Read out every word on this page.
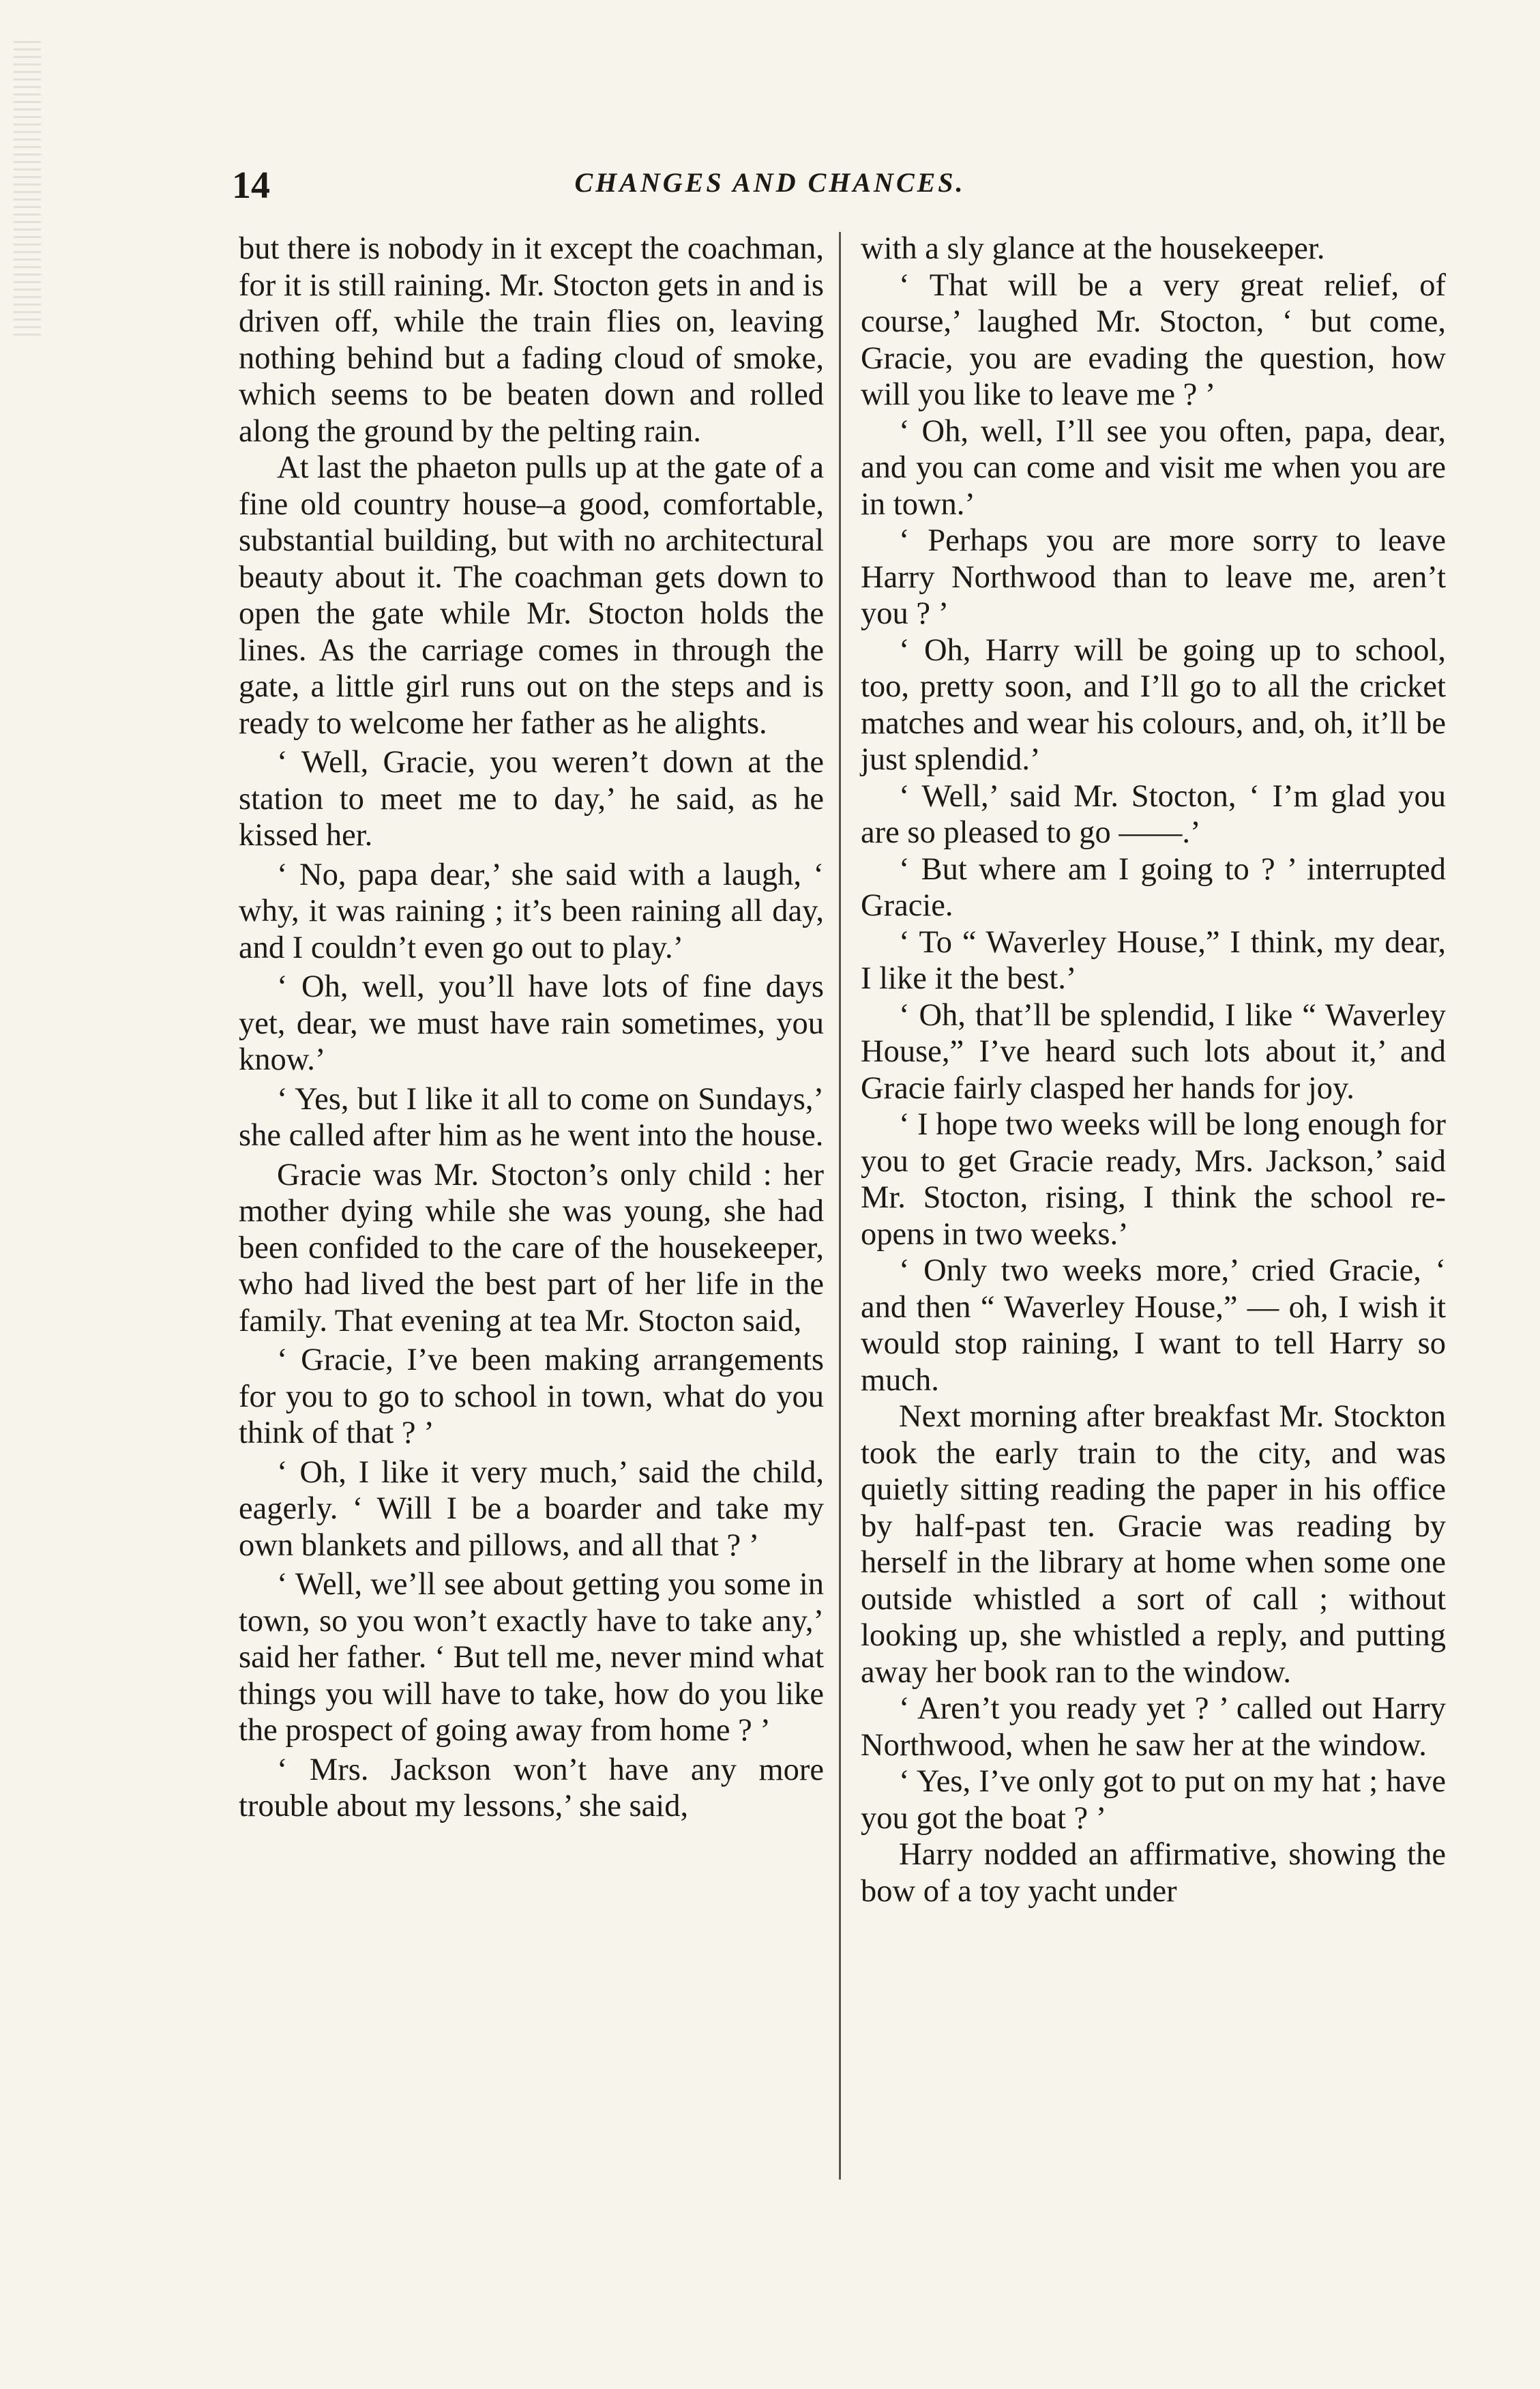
14	CHANGES AND CHANCES.

but there is nobody in it except the coachman, for it is still raining. Mr. Stocton gets in and is driven off, while the train flies on, leaving nothing behind but a fading cloud of smoke, which seems to be beaten down and rolled along the ground by the pelting rain.

At last the phaeton pulls up at the gate of a fine old country house–a good, comfortable, substantial building, but with no architectural beauty about it. The coachman gets down to open the gate while Mr. Stocton holds the lines. As the carriage comes in through the gate, a little girl runs out on the steps and is ready to welcome her father as he alights.

‘ Well, Gracie, you weren’t down at the station to meet me to day,’ he said, as he kissed her.

‘ No, papa dear,’ she said with a laugh, ‘ why, it was raining ; it’s been raining all day, and I couldn’t even go out to play.’

‘ Oh, well, you’ll have lots of fine days yet, dear, we must have rain sometimes, you know.’

‘ Yes, but I like it all to come on Sundays,’ she called after him as he went into the house.

Gracie was Mr. Stocton’s only child : her mother dying while she was young, she had been confided to the care of the housekeeper, who had lived the best part of her life in the family. That evening at tea Mr. Stocton said,

‘ Gracie, I’ve been making arrangements for you to go to school in town, what do you think of that ? ’

‘ Oh, I like it very much,’ said the child, eagerly. ‘ Will I be a boarder and take my own blankets and pillows, and all that ? ’

‘ Well, we’ll see about getting you some in town, so you won’t exactly have to take any,’ said her father. ‘ But tell me, never mind what things you will have to take, how do you like the prospect of going away from home ? ’

‘ Mrs. Jackson won’t have any more trouble about my lessons,’ she said,

with a sly glance at the housekeeper.

‘ That will be a very great relief, of course,’ laughed Mr. Stocton, ‘ but come, Gracie, you are evading the question, how will you like to leave me ? ’

‘ Oh, well, I’ll see you often, papa, dear, and you can come and visit me when you are in town.’

‘ Perhaps you are more sorry to leave Harry Northwood than to leave me, aren’t you ? ’

‘ Oh, Harry will be going up to school, too, pretty soon, and I’ll go to all the cricket matches and wear his colours, and, oh, it’ll be just splendid.’

‘ Well,’ said Mr. Stocton, ‘ I’m glad you are so pleased to go ——.’

‘ But where am I going to ? ’ interrupted Gracie.

‘ To “ Waverley House,” I think, my dear, I like it the best.’

‘ Oh, that’ll be splendid, I like “ Waverley House,” I’ve heard such lots about it,’ and Gracie fairly clasped her hands for joy.

‘ I hope two weeks will be long enough for you to get Gracie ready, Mrs. Jackson,’ said Mr. Stocton, rising, I think the school re-opens in two weeks.’

‘ Only two weeks more,’ cried Gracie, ‘ and then “ Waverley House,” — oh, I wish it would stop raining, I want to tell Harry so much.

Next morning after breakfast Mr. Stockton took the early train to the city, and was quietly sitting reading the paper in his office by half-past ten. Gracie was reading by herself in the library at home when some one outside whistled a sort of call ; without looking up, she whistled a reply, and putting away her book ran to the window.

‘ Aren’t you ready yet ? ’ called out Harry Northwood, when he saw her at the window.

‘ Yes, I’ve only got to put on my hat ; have you got the boat ? ’

Harry nodded an affirmative, showing the bow of a toy yacht under
